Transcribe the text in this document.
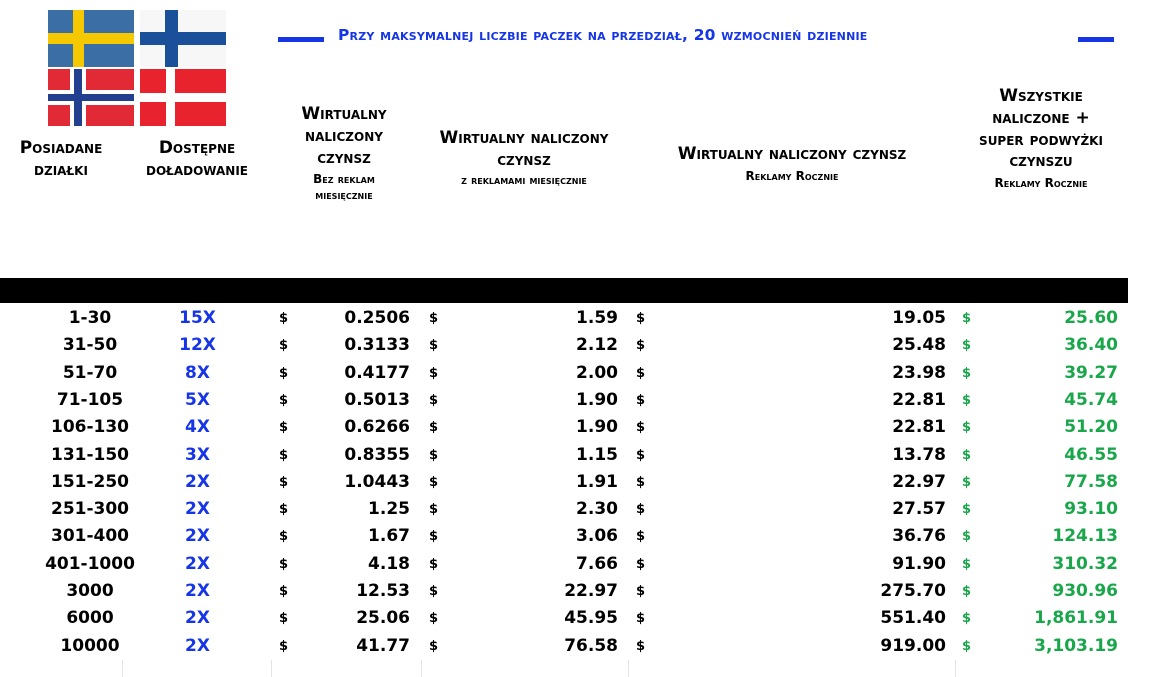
Przy maksymalnej liczbie paczek na przedział, 20 wzmocnień dziennie
Posiadane działki
Dostępne doładowanie
Wirtualny naliczony czynsz
Bez reklam miesięcznie
Wirtualny naliczony czynsz
z reklamami miesięcznie
Wirtualny naliczony czynsz
Reklamy Rocznie
Wszystkie naliczone + super podwyżki czynszu
Reklamy Rocznie
1-30	15X	$	0.2506 $	1.59 $	19.05 $	25.60
31-50	12X	$	0.3133 $	2.12 $	25.48 $	36.40
51-70	8X	$	0.4177 $	2.00 $	23.98 $	39.27
71-105	5X	$	0.5013 $	1.90 $	22.81 $	45.74
106-130	4X	$	0.6266 $	1.90 $	22.81 $	51.20
131-150	3X	$	0.8355 $	1.15 $	13.78 $	46.55
151-250	2X	$	1.0443 $	1.91 $	22.97 $	77.58
251-300	2X	$	1.25 $	2.30 $	27.57 $	93.10
301-400	2X	$	1.67 $	3.06 $	36.76 $	124.13
401-1000	2X	$	4.18 $	7.66 $	91.90 $	310.32
3000	2X	$	12.53 $	22.97 $	275.70 $	930.96
6000	2X	$	25.06 $	45.95 $	551.40 $	1,861.91
10000	2X	$	41.77 $	76.58 $	919.00 $	3,103.19
